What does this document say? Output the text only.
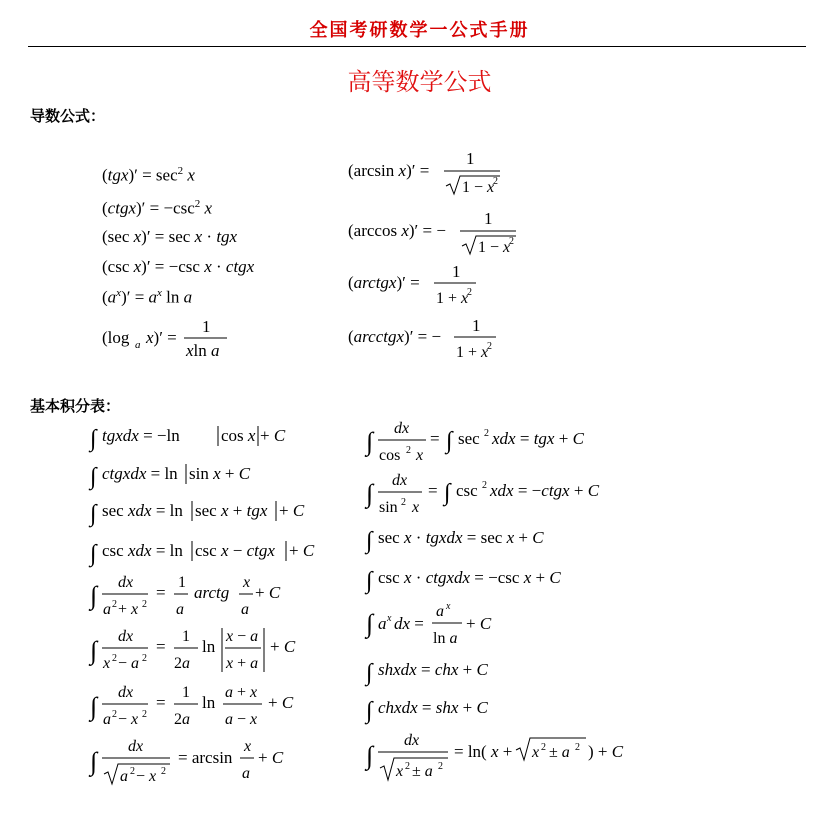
全国考研数学一公式手册
高等数学公式
导数公式：
基本积分表：
$(tgx)' = \sec^2 x$
(ctgx)′ = $-\csc^2$ x
(sec x)′ = sec x · tgx
(csc x)′ = −csc x · ctgx
$(a^x)' = a^x$ ln a
(log a x)′ =
1
xln a
(arcsin x)′ =
1
1 − x
2
(arccos x)′ = −
1
1 − x
2
(arctgx)′ =
1
1 + x
2
(arcctgx)′ = −
1
1 + x
2
∫ tgxdx = −ln cos x + C
∫ ctgxdx = ln sin x + C
∫ sec xdx = ln sec x + tgx + C
∫ csc xdx = ln csc x − ctgx + C
∫ dx
a 2 + x 2
=
1
a
arctg
x
a
+ C
∫ dx
x 2 − a 2
=
1
2a
ln
x − a
x + a
+ C
∫ dx
a 2 − x 2
=
1
2a
ln
a + x
a − x
+ C
∫
dx
a 2 − x 2
= arcsin
x
a
+ C
∫ dx
cos 2 x
= ∫ sec 2 xdx = tgx + C
∫ dx
sin 2 x
= ∫ csc 2 xdx = −ctgx + C
∫ sec x · tgxdx = sec x + C
∫ csc x · ctgxdx = −csc x + C
∫ a x dx =
a x
ln a
+ C
∫ shxdx = chx + C
∫ chxdx = shx + C
∫
dx
x 2 ± a 2
= ln( x + x 2 ± a 2 ) + C
